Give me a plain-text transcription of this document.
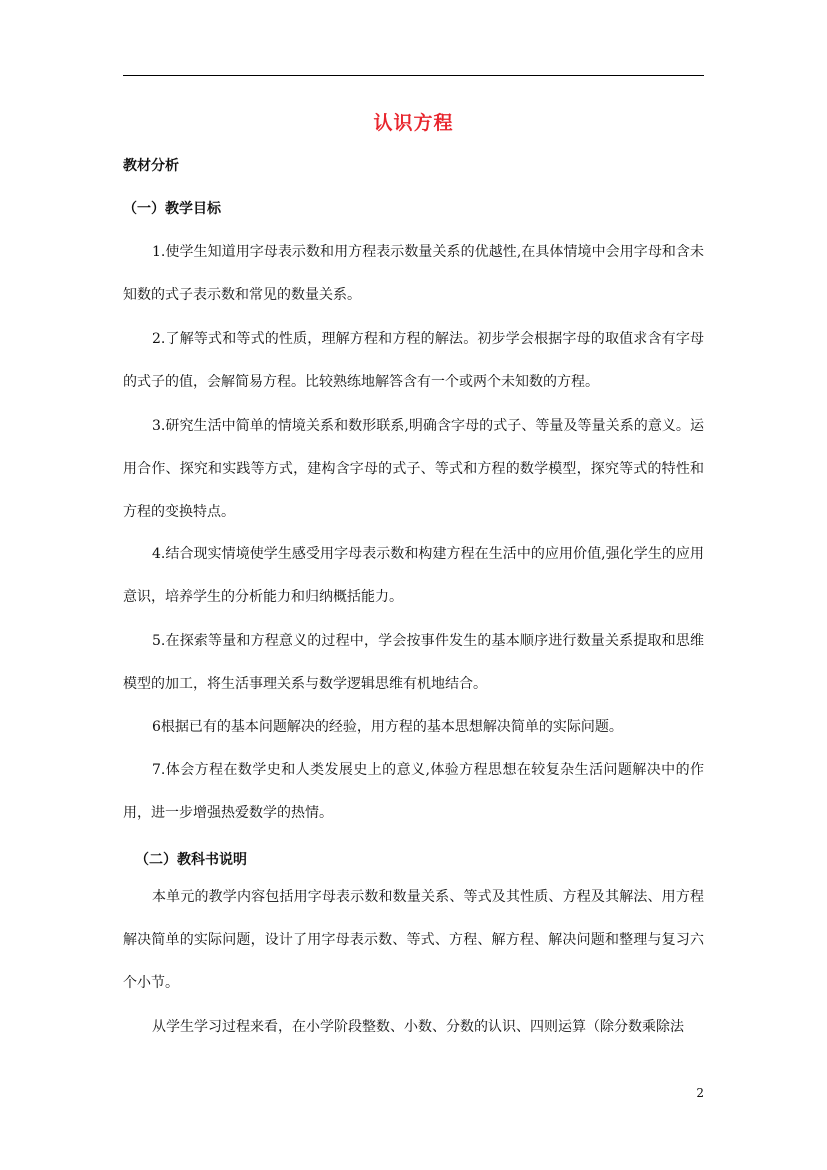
认识方程
教材分析
（一）教学目标
1.使学生知道用字母表示数和用方程表示数量关系的优越性,在具体情境中会用字母和含未知数的式子表示数和常见的数量关系。
2.了解等式和等式的性质，理解方程和方程的解法。初步学会根据字母的取值求含有字母的式子的值，会解简易方程。比较熟练地解答含有一个或两个未知数的方程。
3.研究生活中简单的情境关系和数形联系,明确含字母的式子、等量及等量关系的意义。运用合作、探究和实践等方式，建构含字母的式子、等式和方程的数学模型，探究等式的特性和方程的变换特点。
4.结合现实情境使学生感受用字母表示数和构建方程在生活中的应用价值,强化学生的应用意识，培养学生的分析能力和归纳概括能力。
5.在探索等量和方程意义的过程中，学会按事件发生的基本顺序进行数量关系提取和思维模型的加工，将生活事理关系与数学逻辑思维有机地结合。
6根据已有的基本问题解决的经验，用方程的基本思想解决简单的实际问题。
7.体会方程在数学史和人类发展史上的意义,体验方程思想在较复杂生活问题解决中的作用，进一步增强热爱数学的热情。
（二）教科书说明
本单元的教学内容包括用字母表示数和数量关系、等式及其性质、方程及其解法、用方程解决简单的实际问题，设计了用字母表示数、等式、方程、解方程、解决问题和整理与复习六个小节。
从学生学习过程来看，在小学阶段整数、小数、分数的认识、四则运算（除分数乘除法
2
